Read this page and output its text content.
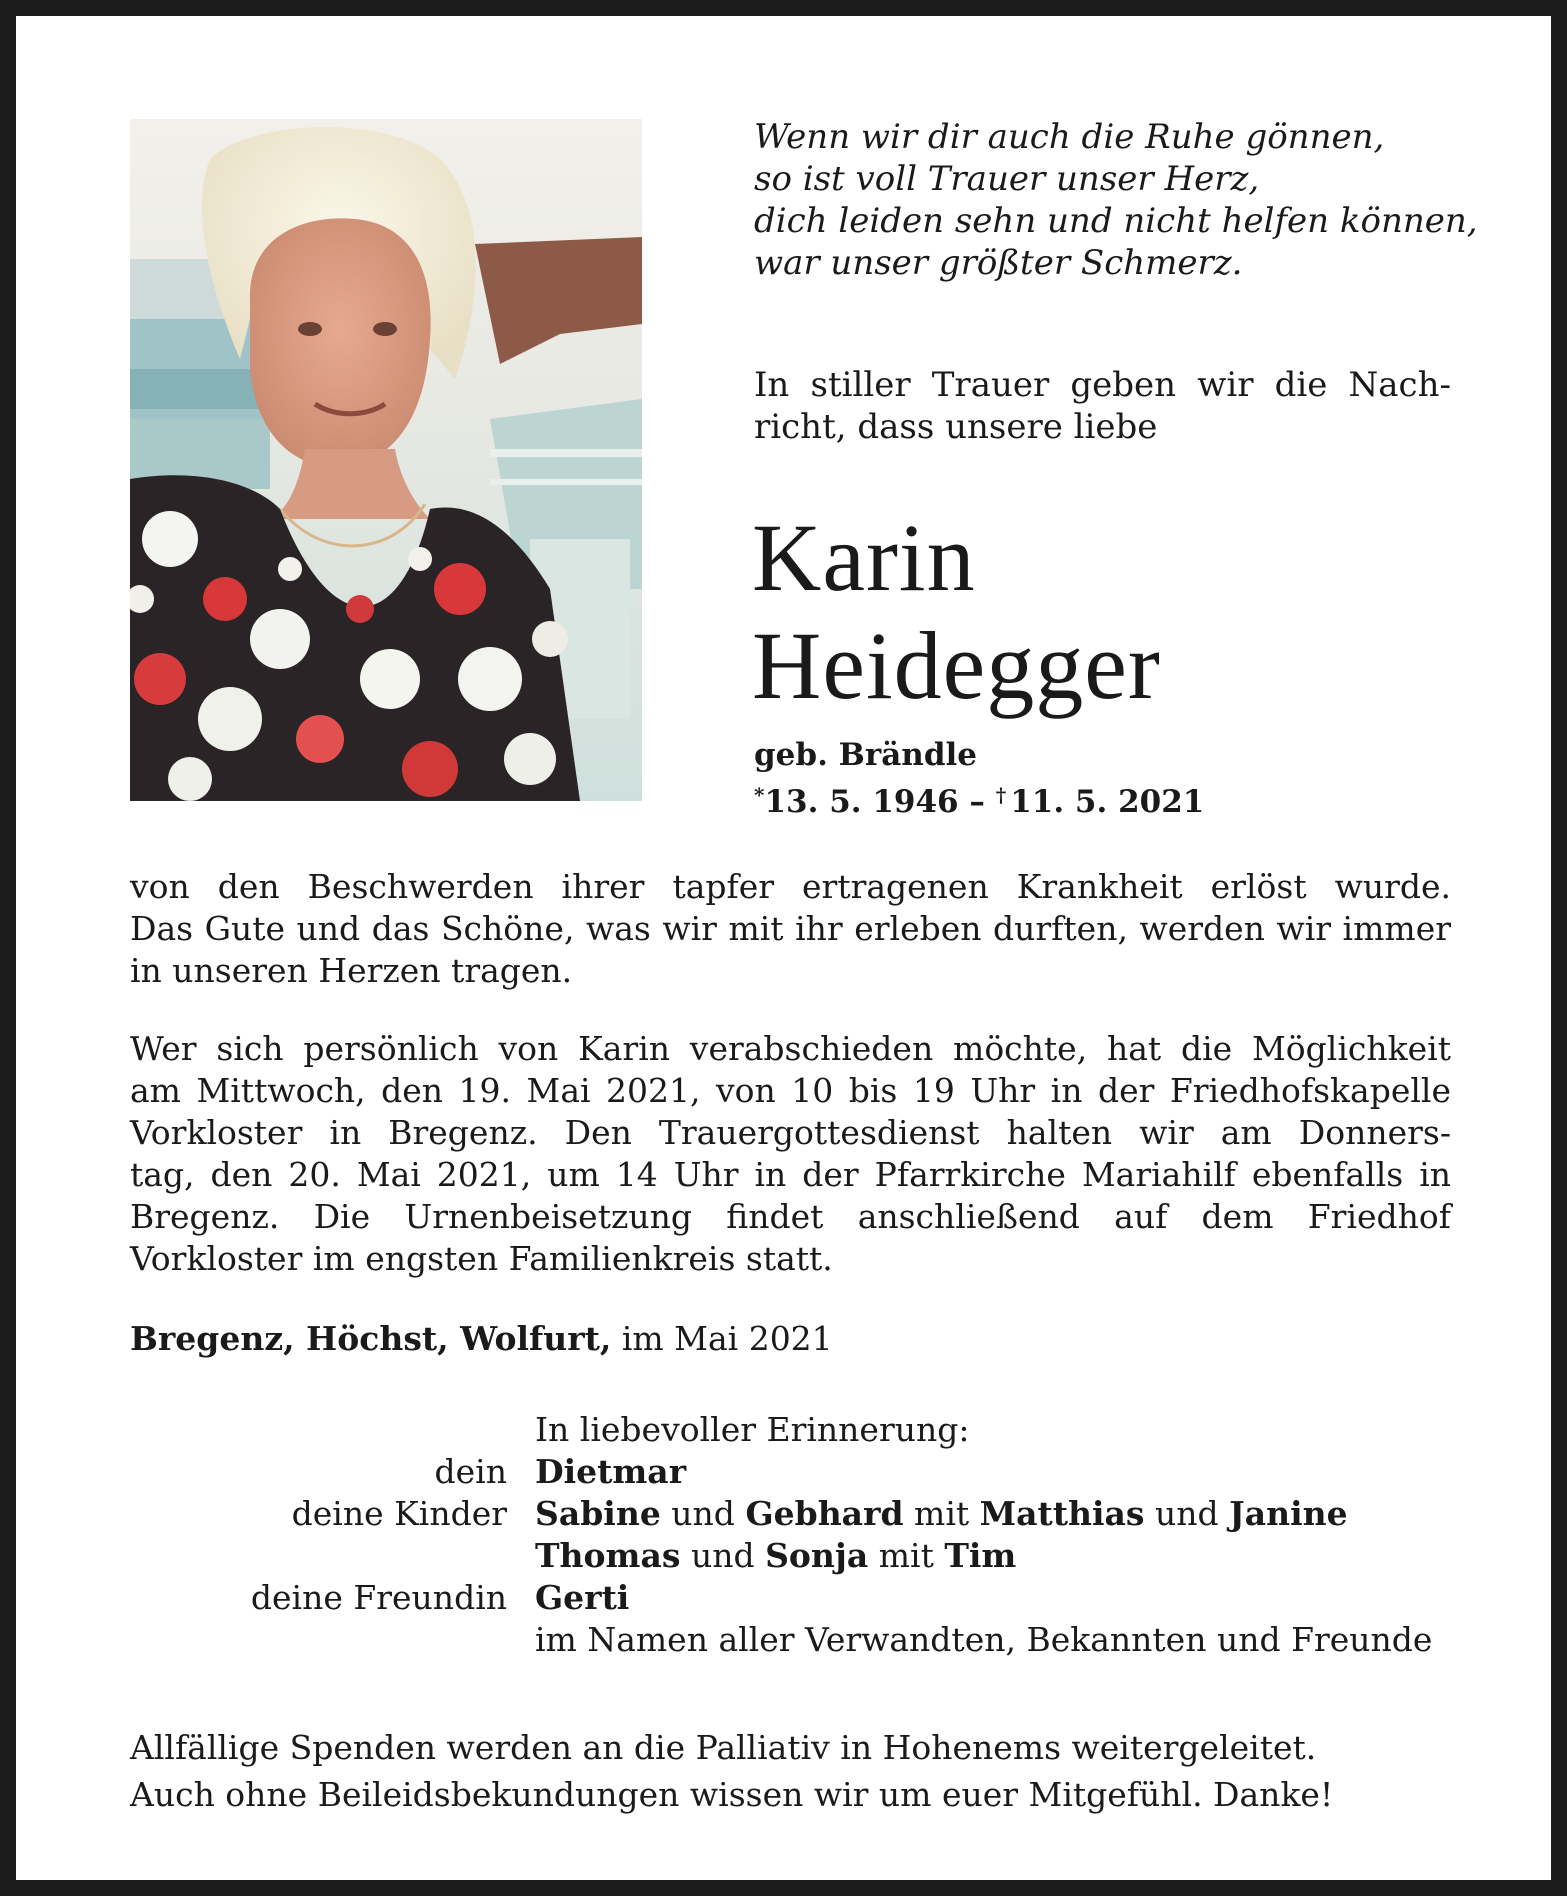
Wenn wir dir auch die Ruhe gönnen,
so ist voll Trauer unser Herz,
dich leiden sehn und nicht helfen können,
war unser größter Schmerz.
In stiller Trauer geben wir die Nach-
richt, dass unsere liebe
Karin
Heidegger
geb. Brändle
*13. 5. 1946 – † 11. 5. 2021
von den Beschwerden ihrer tapfer ertragenen Krankheit erlöst wurde.
Das Gute und das Schöne, was wir mit ihr erleben durften, werden wir immer
in unseren Herzen tragen.
Wer sich persönlich von Karin verabschieden möchte, hat die Möglichkeit
am Mittwoch, den 19. Mai 2021, von 10 bis 19 Uhr in der Friedhofskapelle
Vorkloster in Bregenz. Den Trauergottesdienst halten wir am Donners-
tag, den 20. Mai 2021, um 14 Uhr in der Pfarrkirche Mariahilf ebenfalls in
Bregenz. Die Urnenbeisetzung findet anschließend auf dem Friedhof
Vorkloster im engsten Familienkreis statt.
Bregenz, Höchst, Wolfurt, im Mai 2021
In liebevoller Erinnerung:
dein Dietmar
deine Kinder Sabine und Gebhard mit Matthias und Janine
Thomas und Sonja mit Tim
deine Freundin Gerti
im Namen aller Verwandten, Bekannten und Freunde
Allfällige Spenden werden an die Palliativ in Hohenems weitergeleitet.
Auch ohne Beileidsbekundungen wissen wir um euer Mitgefühl. Danke!
